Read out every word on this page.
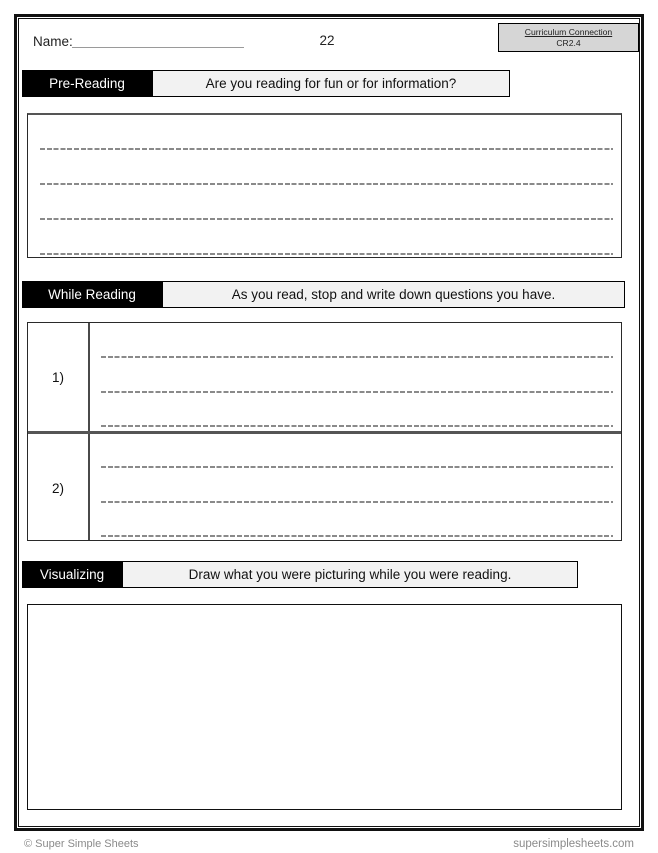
Name:	22
Curriculum Connection
CR2.4
Pre-Reading	Are you reading for fun or for information?
While Reading	As you read, stop and write down questions you have.
1)
2)
Visualizing	Draw what you were picturing while you were reading.
© Super Simple Sheets	supersimplesheets.com
